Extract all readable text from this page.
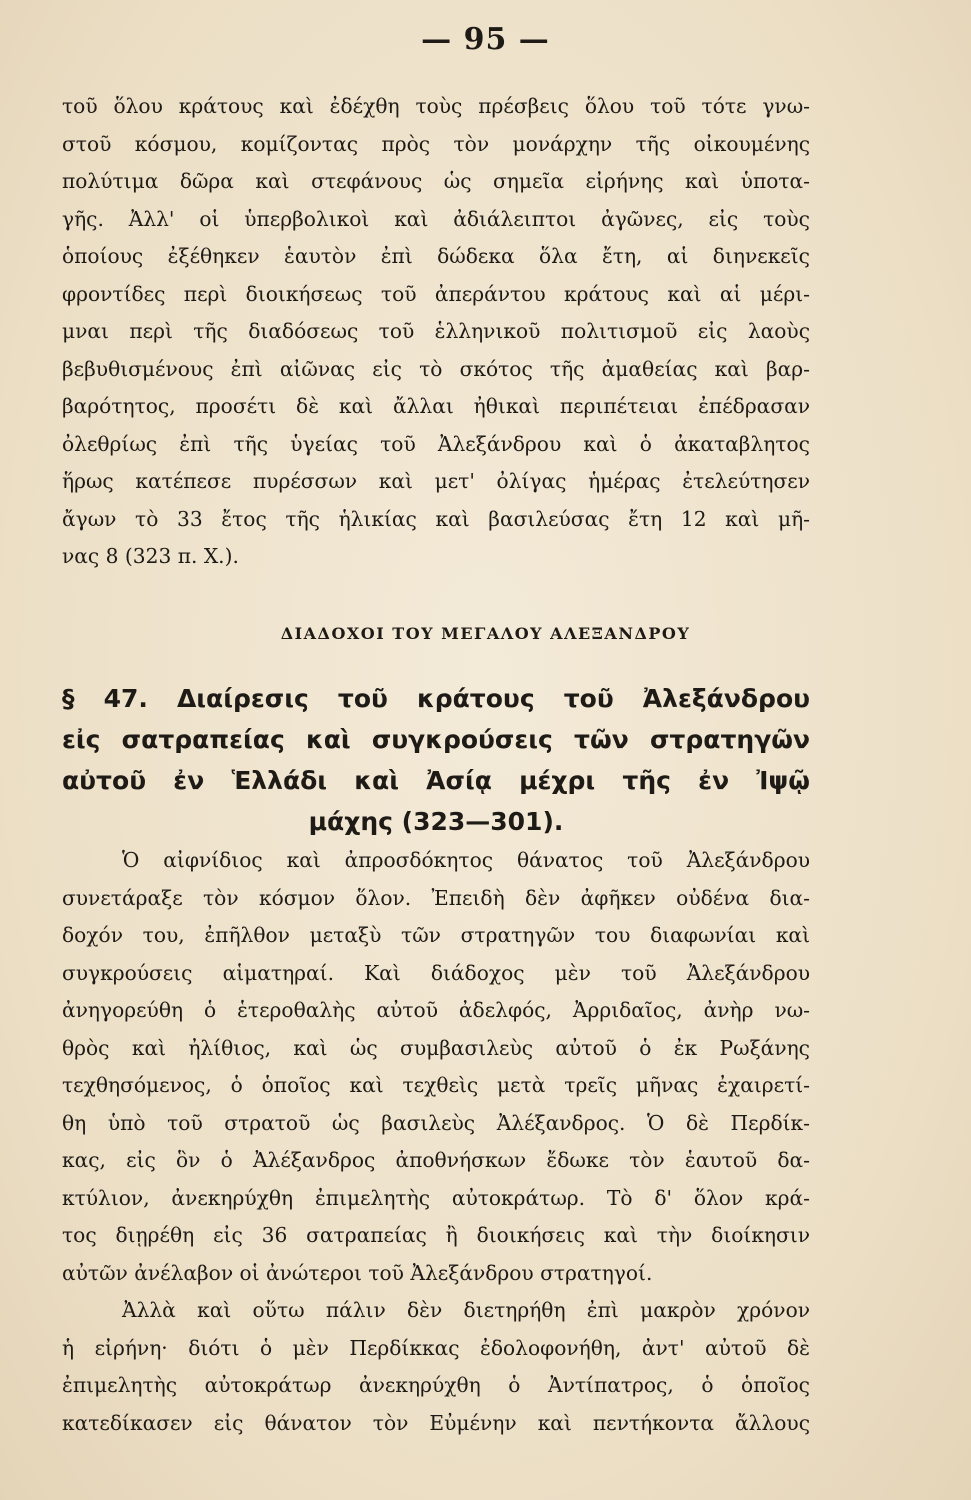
— 95 —
τοῦ ὅλου κράτους καὶ ἐδέχθη τοὺς πρέσβεις ὅλου τοῦ τότε γνω-
στοῦ κόσμου, κομίζοντας πρὸς τὸν μονάρχην τῆς οἰκουμένης
πολύτιμα δῶρα καὶ στεφάνους ὡς σημεῖα εἰρήνης καὶ ὑποτα-
γῆς. Ἀλλ' οἱ ὑπερβολικοὶ καὶ ἀδιάλειπτοι ἀγῶνες, εἰς τοὺς
ὁποίους ἐξέθηκεν ἑαυτὸν ἐπὶ δώδεκα ὅλα ἔτη, αἱ διηνεκεῖς
φροντίδες περὶ διοικήσεως τοῦ ἀπεράντου κράτους καὶ αἱ μέρι-
μναι περὶ τῆς διαδόσεως τοῦ ἑλληνικοῦ πολιτισμοῦ εἰς λαοὺς
βεβυθισμένους ἐπὶ αἰῶνας εἰς τὸ σκότος τῆς ἀμαθείας καὶ βαρ-
βαρότητος, προσέτι δὲ καὶ ἄλλαι ἠθικαὶ περιπέτειαι ἐπέδρασαν
ὀλεθρίως ἐπὶ τῆς ὑγείας τοῦ Ἀλεξάνδρου καὶ ὁ ἀκαταβλητος
ἥρως κατέπεσε πυρέσσων καὶ μετ' ὀλίγας ἡμέρας ἐτελεύτησεν
ἄγων τὸ 33 ἔτος τῆς ἡλικίας καὶ βασιλεύσας ἔτη 12 καὶ μῆ-
νας 8 (323 π. Χ.).
ΔΙΑΔΟΧΟΙ ΤΟΥ ΜΕΓΑΛΟΥ ΑΛΕΞΑΝΔΡΟΥ
§ 47. Διαίρεσις τοῦ κράτους τοῦ Ἀλεξάνδρου
εἰς σατραπείας καὶ συγκρούσεις τῶν στρατηγῶν
αὐτοῦ ἐν Ἑλλάδι καὶ Ἀσίᾳ μέχρι τῆς ἐν Ἰψῷ
μάχης (323—301).
Ὁ αἰφνίδιος καὶ ἀπροσδόκητος θάνατος τοῦ Ἀλεξάνδρου
συνετάραξε τὸν κόσμον ὅλον. Ἐπειδὴ δὲν ἀφῆκεν οὐδένα δια-
δοχόν του, ἐπῆλθον μεταξὺ τῶν στρατηγῶν του διαφωνίαι καὶ
συγκρούσεις αἱματηραί. Καὶ διάδοχος μὲν τοῦ Ἀλεξάνδρου
ἀνηγορεύθη ὁ ἑτεροθαλὴς αὐτοῦ ἀδελφός, Ἀρριδαῖος, ἀνὴρ νω-
θρὸς καὶ ἠλίθιος, καὶ ὡς συμβασιλεὺς αὐτοῦ ὁ ἐκ Ρωξάνης
τεχθησόμενος, ὁ ὁποῖος καὶ τεχθεὶς μετὰ τρεῖς μῆνας ἐχαιρετί-
θη ὑπὸ τοῦ στρατοῦ ὡς βασιλεὺς Ἀλέξανδρος. Ὁ δὲ Περδίκ-
κας, εἰς ὃν ὁ Ἀλέξανδρος ἀποθνήσκων ἔδωκε τὸν ἑαυτοῦ δα-
κτύλιον, ἀνεκηρύχθη ἐπιμελητὴς αὐτοκράτωρ. Τὸ δ' ὅλον κρά-
τος διῃρέθη εἰς 36 σατραπείας ἢ διοικήσεις καὶ τὴν διοίκησιν
αὐτῶν ἀνέλαβον οἱ ἀνώτεροι τοῦ Ἀλεξάνδρου στρατηγοί.
Ἀλλὰ καὶ οὕτω πάλιν δὲν διετηρήθη ἐπὶ μακρὸν χρόνον
ἡ εἰρήνη· διότι ὁ μὲν Περδίκκας ἐδολοφονήθη, ἀντ' αὐτοῦ δὲ
ἐπιμελητὴς αὐτοκράτωρ ἀνεκηρύχθη ὁ Ἀντίπατρος, ὁ ὁποῖος
κατεδίκασεν εἰς θάνατον τὸν Εὐμένην καὶ πεντήκοντα ἄλλους
